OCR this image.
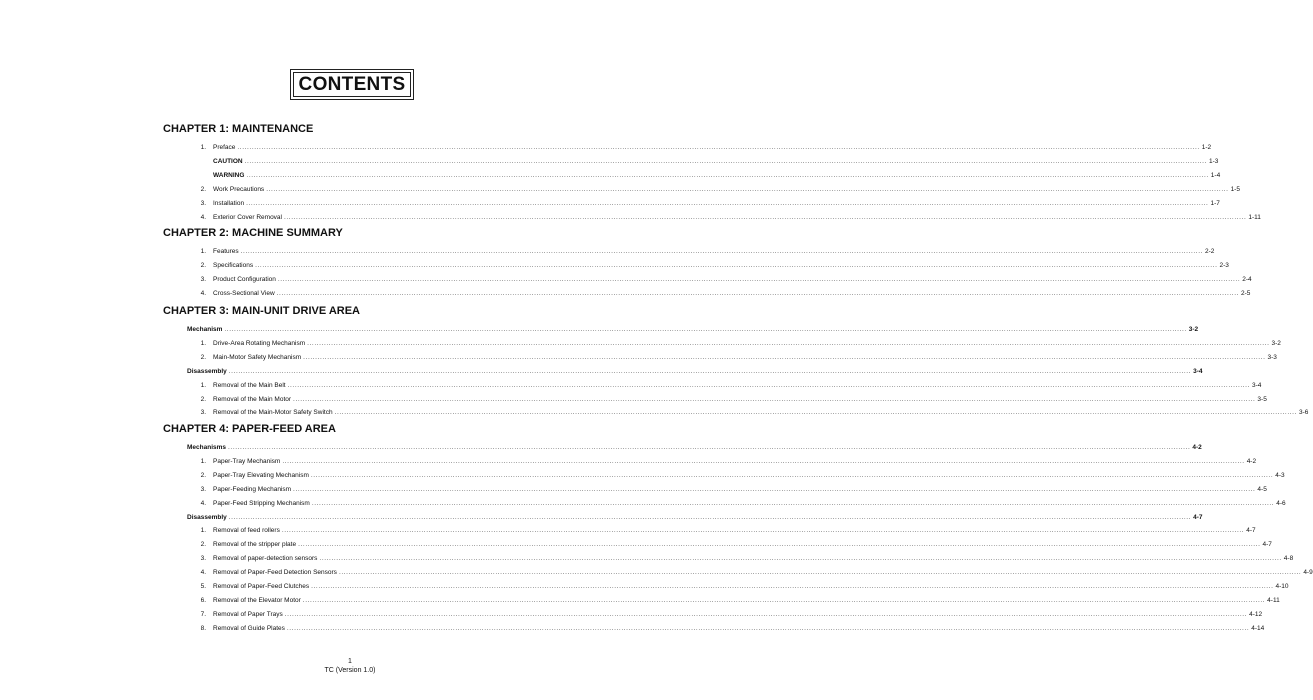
CONTENTS
CHAPTER 1: MAINTENANCE
1. Preface ................................................................................................................................................................................................................................................................................................................................................................................................................ 1-2
CAUTION ................................................................................................................................................................................................................................................................................................................................................................................................................ 1-3
WARNING ................................................................................................................................................................................................................................................................................................................................................................................................................ 1-4
2. Work Precautions ................................................................................................................................................................................................................................................................................................................................................................................................................ 1-5
3. Installation ................................................................................................................................................................................................................................................................................................................................................................................................................ 1-7
4. Exterior Cover Removal ................................................................................................................................................................................................................................................................................................................................................................................................................ 1-11
CHAPTER 2: MACHINE SUMMARY
1. Features ................................................................................................................................................................................................................................................................................................................................................................................................................ 2-2
2. Specifications ................................................................................................................................................................................................................................................................................................................................................................................................................ 2-3
3. Product Configuration ................................................................................................................................................................................................................................................................................................................................................................................................................ 2-4
4. Cross-Sectional View ................................................................................................................................................................................................................................................................................................................................................................................................................ 2-5
CHAPTER 3: MAIN-UNIT DRIVE AREA
Mechanism ................................................................................................................................................................................................................................................................................................................................................................................................................ 3-2
1. Drive-Area Rotating Mechanism ................................................................................................................................................................................................................................................................................................................................................................................................................ 3-2
2. Main-Motor Safety Mechanism ................................................................................................................................................................................................................................................................................................................................................................................................................ 3-3
Disassembly ................................................................................................................................................................................................................................................................................................................................................................................................................ 3-4
1. Removal of the Main Belt ................................................................................................................................................................................................................................................................................................................................................................................................................ 3-4
2. Removal of the Main Motor ................................................................................................................................................................................................................................................................................................................................................................................................................ 3-5
3. Removal of the Main-Motor Safety Switch ................................................................................................................................................................................................................................................................................................................................................................................................................ 3-6
CHAPTER 4: PAPER-FEED AREA
Mechanisms ................................................................................................................................................................................................................................................................................................................................................................................................................ 4-2
1. Paper-Tray Mechanism ................................................................................................................................................................................................................................................................................................................................................................................................................ 4-2
2. Paper-Tray Elevating Mechanism ................................................................................................................................................................................................................................................................................................................................................................................................................ 4-3
3. Paper-Feeding Mechanism ................................................................................................................................................................................................................................................................................................................................................................................................................ 4-5
4. Paper-Feed Stripping Mechanism ................................................................................................................................................................................................................................................................................................................................................................................................................ 4-6
Disassembly ................................................................................................................................................................................................................................................................................................................................................................................................................ 4-7
1. Removal of feed rollers ................................................................................................................................................................................................................................................................................................................................................................................................................ 4-7
2. Removal of the stripper plate ................................................................................................................................................................................................................................................................................................................................................................................................................ 4-7
3. Removal of paper-detection sensors ................................................................................................................................................................................................................................................................................................................................................................................................................ 4-8
4. Removal of Paper-Feed Detection Sensors ................................................................................................................................................................................................................................................................................................................................................................................................................ 4-9
5. Removal of Paper-Feed Clutches ................................................................................................................................................................................................................................................................................................................................................................................................................ 4-10
6. Removal of the Elevator Motor ................................................................................................................................................................................................................................................................................................................................................................................................................ 4-11
7. Removal of Paper Trays ................................................................................................................................................................................................................................................................................................................................................................................................................ 4-12
8. Removal of Guide Plates ................................................................................................................................................................................................................................................................................................................................................................................................................ 4-14
1
TC (Version 1.0)
